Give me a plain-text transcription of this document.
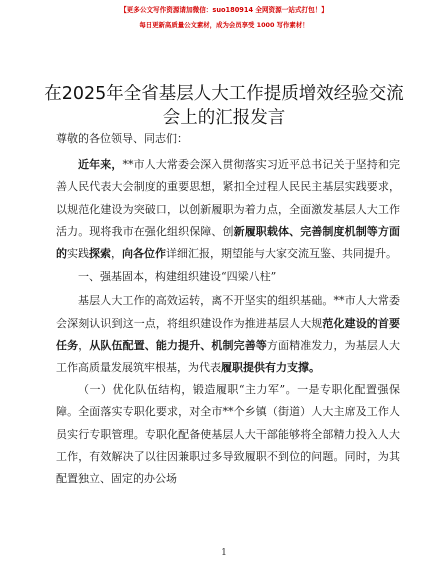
【更多公文写作资源请加微信：suo180914 全网资源一站式打包！】
每日更新高质量公文素材，成为会员享受 1000 写作素材！
在2025年全省基层人大工作提质增效经验交流会上的汇报发言

尊敬的各位领导、同志们：

近年来，**市人大常委会深入贯彻落实习近平总书记关于坚持和完善人民代表大会制度的重要思想，紧扣全过程人民民主基层实践要求，以规范化建设为突破口，以创新履职为着力点，全面激发基层人大工作活力。现将我市在强化组织保障、创新履职载体、完善制度机制等方面的实践探索，向各位作详细汇报，期望能与大家交流互鉴、共同提升。

一、强基固本，构建组织建设“四梁八柱”

基层人大工作的高效运转，离不开坚实的组织基础。**市人大常委会深刻认识到这一点，将组织建设作为推进基层人大规范化建设的首要任务，从队伍配置、能力提升、机制完善等方面精准发力，为基层人大工作高质量发展筑牢根基，为代表履职提供有力支撑。

（一）优化队伍结构，锻造履职“主力军”。一是专职化配置强保障。全面落实专职化要求，对全市**个乡镇（街道）人大主席及工作人员实行专职管理。专职化配备使基层人大干部能够将全部精力投入人大工作，有效解决了以往因兼职过多导致履职不到位的问题。同时，为其配置独立、固定的办公场

1
